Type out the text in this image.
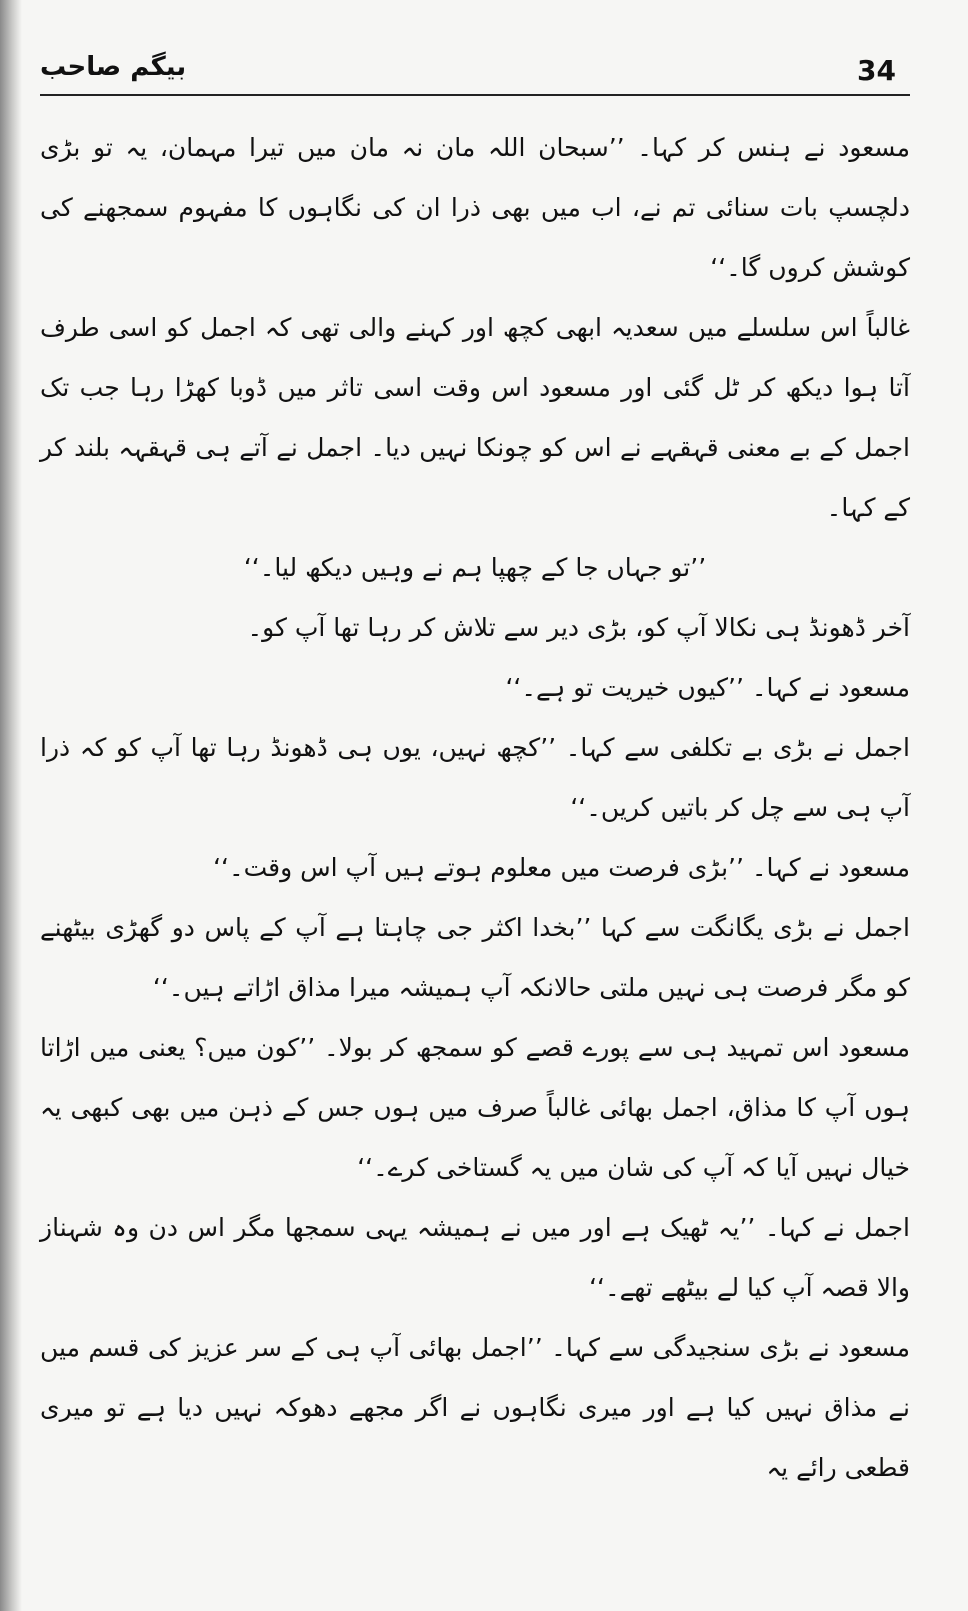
بیگم صاحب	34

مسعود نے ہنس کر کہا۔ ’’سبحان اللہ مان نہ مان میں تیرا مہمان، یہ تو بڑی دلچسپ بات سنائی تم نے، اب میں بھی ذرا ان کی نگاہوں کا مفہوم سمجھنے کی کوشش کروں گا۔‘‘

غالباً اس سلسلے میں سعدیہ ابھی کچھ اور کہنے والی تھی کہ اجمل کو اسی طرف آتا ہوا دیکھ کر ٹل گئی اور مسعود اس وقت اسی تاثر میں ڈوبا کھڑا رہا جب تک اجمل کے بے معنی قہقہے نے اس کو چونکا نہیں دیا۔ اجمل نے آتے ہی قہقہہ بلند کر کے کہا۔

’’تو جہاں جا کے چھپا ہم نے وہیں دیکھ لیا۔‘‘

آخر ڈھونڈ ہی نکالا آپ کو، بڑی دیر سے تلاش کر رہا تھا آپ کو۔

مسعود نے کہا۔ ’’کیوں خیریت تو ہے۔‘‘

اجمل نے بڑی بے تکلفی سے کہا۔ ’’کچھ نہیں، یوں ہی ڈھونڈ رہا تھا آپ کو کہ ذرا آپ ہی سے چل کر باتیں کریں۔‘‘

مسعود نے کہا۔ ’’بڑی فرصت میں معلوم ہوتے ہیں آپ اس وقت۔‘‘

اجمل نے بڑی یگانگت سے کہا ’’بخدا اکثر جی چاہتا ہے آپ کے پاس دو گھڑی بیٹھنے کو مگر فرصت ہی نہیں ملتی حالانکہ آپ ہمیشہ میرا مذاق اڑاتے ہیں۔‘‘

مسعود اس تمہید ہی سے پورے قصے کو سمجھ کر بولا۔ ’’کون میں؟ یعنی میں اڑاتا ہوں آپ کا مذاق، اجمل بھائی غالباً صرف میں ہوں جس کے ذہن میں بھی کبھی یہ خیال نہیں آیا کہ آپ کی شان میں یہ گستاخی کرے۔‘‘

اجمل نے کہا۔ ’’یہ ٹھیک ہے اور میں نے ہمیشہ یہی سمجھا مگر اس دن وہ شہناز والا قصہ آپ کیا لے بیٹھے تھے۔‘‘

مسعود نے بڑی سنجیدگی سے کہا۔ ’’اجمل بھائی آپ ہی کے سر عزیز کی قسم میں نے مذاق نہیں کیا ہے اور میری نگاہوں نے اگر مجھے دھوکہ نہیں دیا ہے تو میری قطعی رائے یہ
